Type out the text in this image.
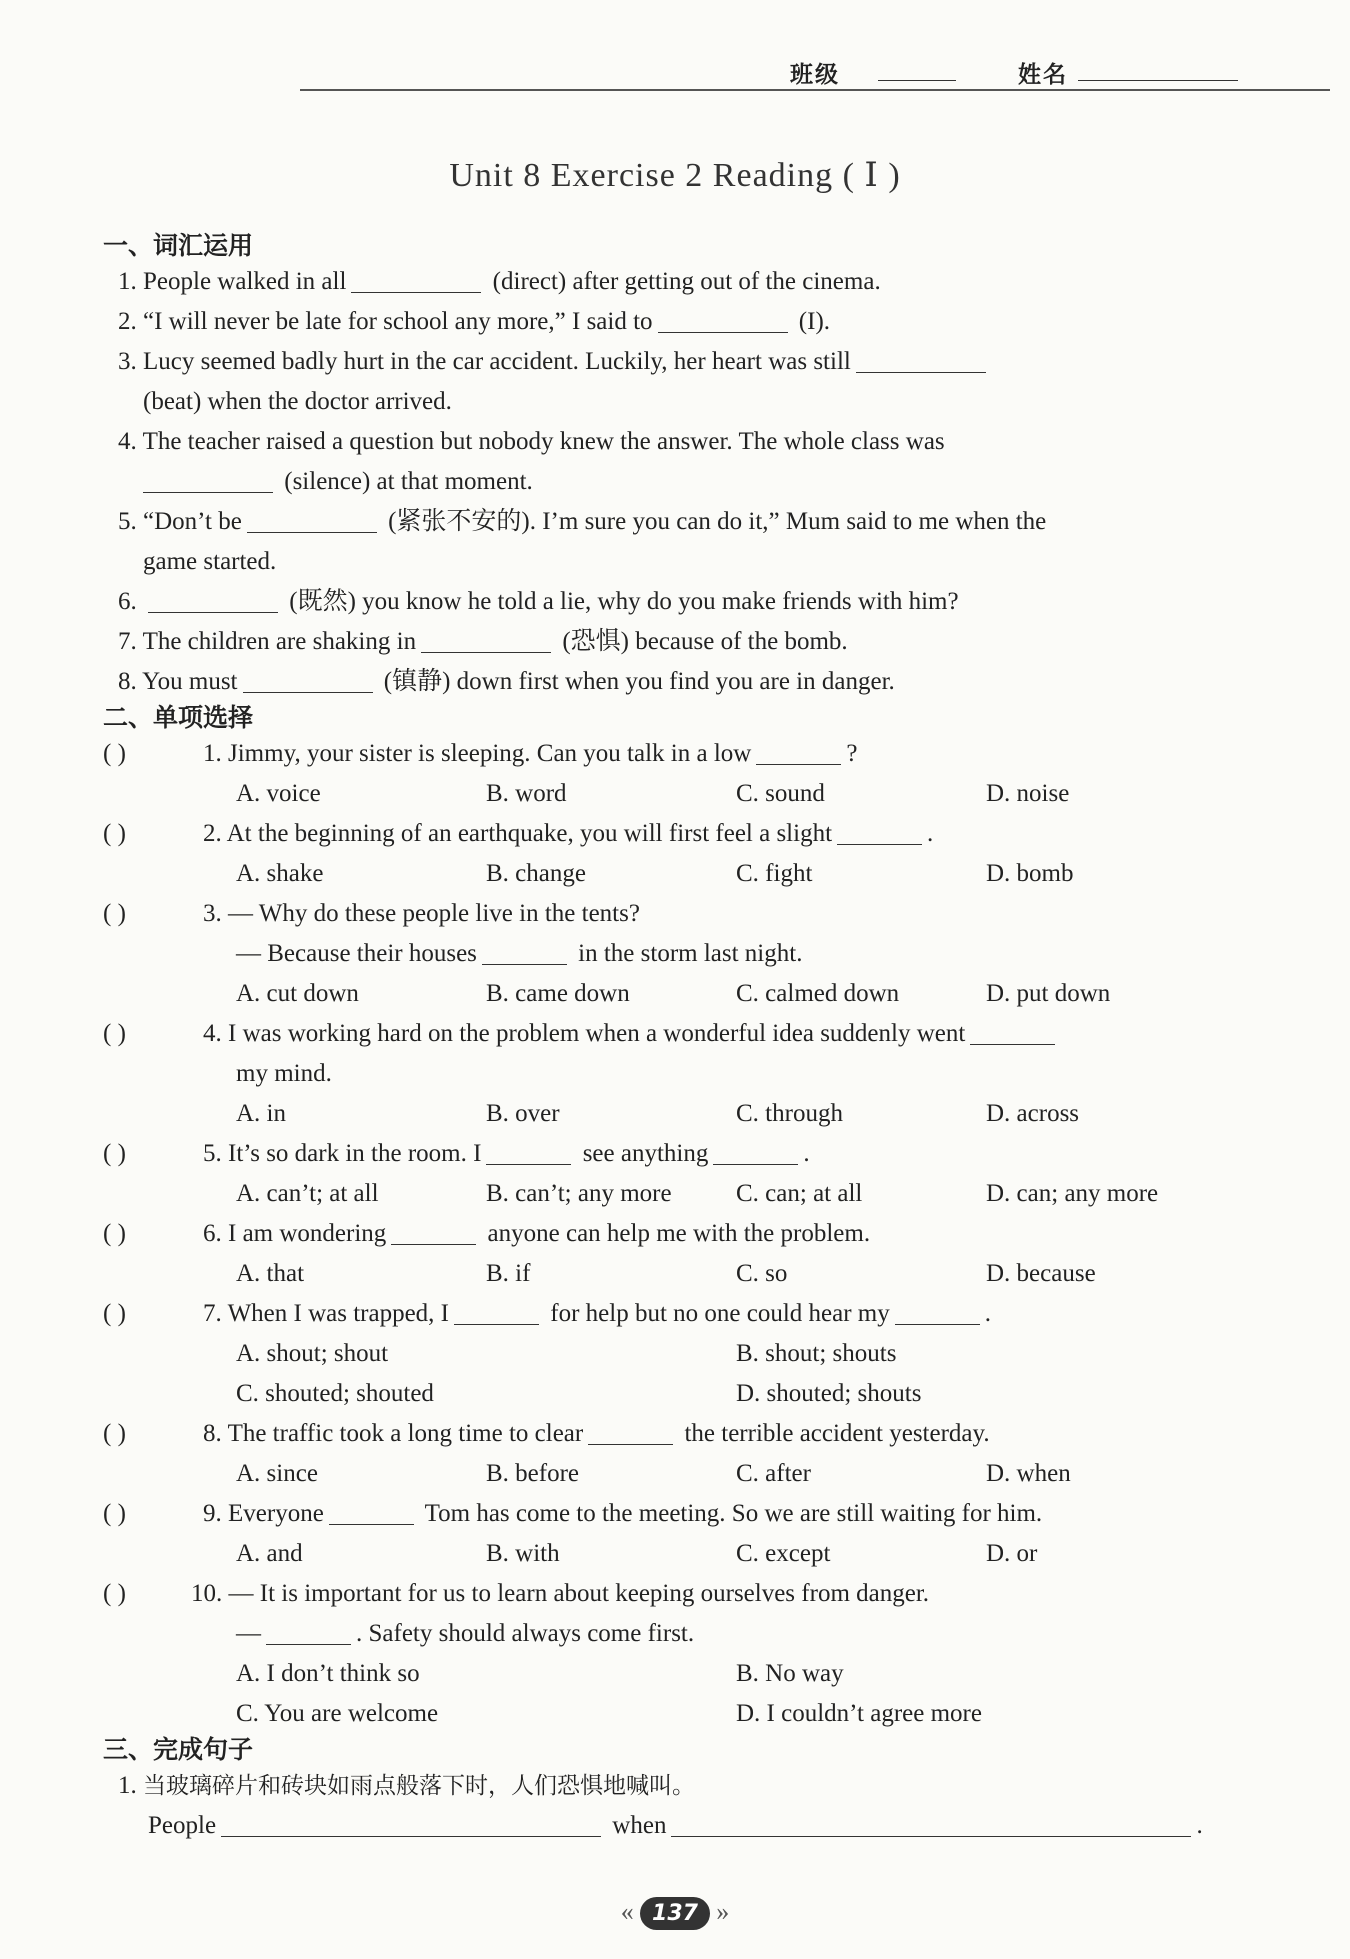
班级	姓名
Unit 8 Exercise 2 Reading ( Ⅰ )
一、词汇运用
1. People walked in all	(direct) after getting out of the cinema.
2. “I will never be late for school any more,” I said to	(I).
3. Lucy seemed badly hurt in the car accident. Luckily, her heart was still
(beat) when the doctor arrived.
4. The teacher raised a question but nobody knew the answer. The whole class was
(silence) at that moment.
5. “Don’t be	(紧张不安的). I’m sure you can do it,” Mum said to me when the
game started.
6.	(既然) you know he told a lie, why do you make friends with him?
7. The children are shaking in	(恐惧) because of the bomb.
8. You must	(镇静) down first when you find you are in danger.
二、单项选择
( )	1. Jimmy, your sister is sleeping. Can you talk in a low	?
A. voice	B. word	C. sound	D. noise
( )	2. At the beginning of an earthquake, you will first feel a slight	.
A. shake	B. change	C. fight	D. bomb
( )	3. — Why do these people live in the tents?
— Because their houses	in the storm last night.
A. cut down	B. came down	C. calmed down	D. put down
( )	4. I was working hard on the problem when a wonderful idea suddenly went
my mind.
A. in	B. over	C. through	D. across
( )	5. It’s so dark in the room. I	see anything	.
A. can’t; at all	B. can’t; any more	C. can; at all	D. can; any more
( )	6. I am wondering	anyone can help me with the problem.
A. that	B. if	C. so	D. because
( )	7. When I was trapped, I	for help but no one could hear my	.
A. shout; shout	B. shout; shouts
C. shouted; shouted	D. shouted; shouts
( )	8. The traffic took a long time to clear	the terrible accident yesterday.
A. since	B. before	C. after	D. when
( )	9. Everyone	Tom has come to the meeting. So we are still waiting for him.
A. and	B. with	C. except	D. or
( )	10. — It is important for us to learn about keeping ourselves from danger.
—	. Safety should always come first.
A. I don’t think so	B. No way
C. You are welcome	D. I couldn’t agree more
三、完成句子
1. 当玻璃碎片和砖块如雨点般落下时，人们恐惧地喊叫。
People	when	.
« 137 »
